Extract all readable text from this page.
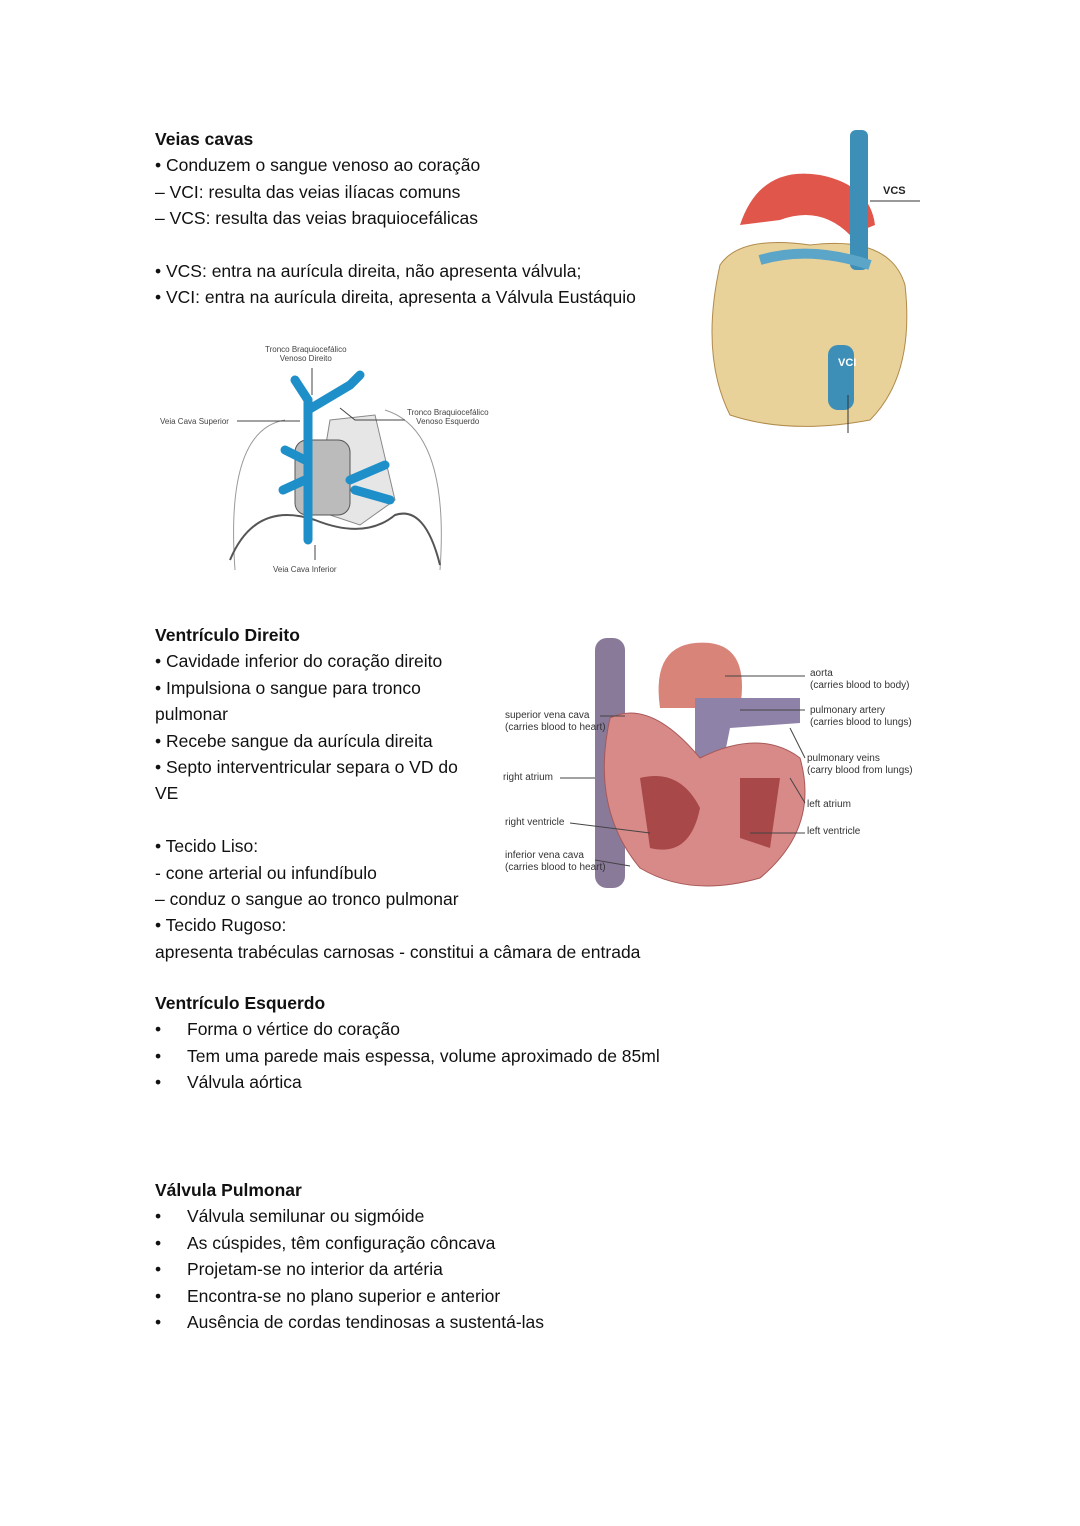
Veias cavas
• Conduzem o sangue venoso ao coração
– VCI: resulta das veias ilíacas comuns
– VCS: resulta das veias braquiocefálicas
• VCS: entra na aurícula direita, não apresenta válvula;
• VCI: entra na aurícula direita, apresenta a Válvula Eustáquio
Tronco Braquiocefálico
Venoso Direito
Veia Cava Superior
Tronco Braquiocefálico
Venoso Esquerdo
Veia Cava Inferior
VCS
VCI
Ventrículo Direito
• Cavidade inferior do coração direito
• Impulsiona o sangue para tronco
pulmonar
• Recebe sangue da aurícula direita
• Septo interventricular separa o VD do
VE
• Tecido Liso:
- cone arterial ou infundíbulo
– conduz o sangue ao tronco pulmonar
• Tecido Rugoso:
apresenta trabéculas carnosas - constitui a câmara de entrada
superior vena cava
(carries blood to heart)
right atrium
right ventricle
inferior vena cava
(carries blood to heart)
aorta
(carries blood to body)
pulmonary artery
(carries blood to lungs)
pulmonary veins
(carry blood from lungs)
left atrium
left ventricle
Ventrículo Esquerdo
• Forma o vértice do coração
• Tem uma parede mais espessa, volume aproximado de 85ml
• Válvula aórtica
Válvula Pulmonar
• Válvula semilunar ou sigmóide
• As cúspides, têm configuração côncava
• Projetam-se no interior da artéria
• Encontra-se no plano superior e anterior
• Ausência de cordas tendinosas a sustentá-las
